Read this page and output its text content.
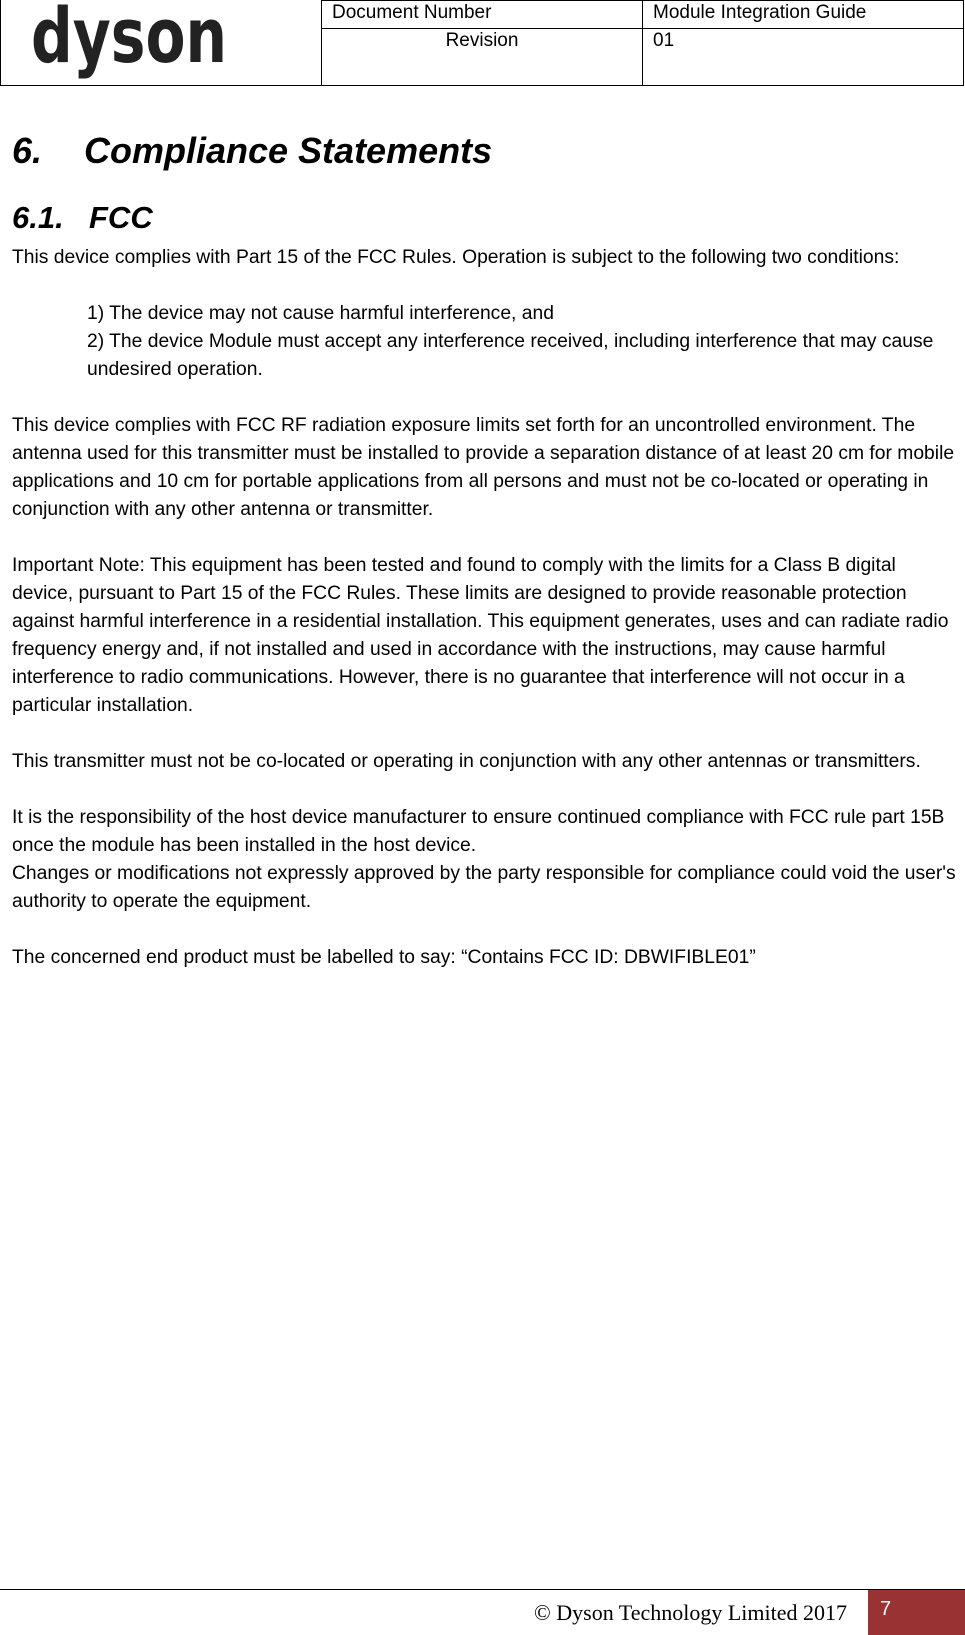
dyson	Document Number	Module Integration Guide
Revision	01
6. Compliance Statements
6.1. FCC

This device complies with Part 15 of the FCC Rules. Operation is subject to the following two conditions:

1) The device may not cause harmful interference, and
2) The device Module must accept any interference received, including interference that may cause undesired operation.

This device complies with FCC RF radiation exposure limits set forth for an uncontrolled environment. The antenna used for this transmitter must be installed to provide a separation distance of at least 20 cm for mobile applications and 10 cm for portable applications from all persons and must not be co-located or operating in conjunction with any other antenna or transmitter.

Important Note: This equipment has been tested and found to comply with the limits for a Class B digital device, pursuant to Part 15 of the FCC Rules. These limits are designed to provide reasonable protection against harmful interference in a residential installation. This equipment generates, uses and can radiate radio frequency energy and, if not installed and used in accordance with the instructions, may cause harmful interference to radio communications. However, there is no guarantee that interference will not occur in a particular installation.

This transmitter must not be co-located or operating in conjunction with any other antennas or transmitters.

It is the responsibility of the host device manufacturer to ensure continued compliance with FCC rule part 15B once the module has been installed in the host device.

Changes or modifications not expressly approved by the party responsible for compliance could void the user's authority to operate the equipment.

The concerned end product must be labelled to say: “Contains FCC ID: DBWIFIBLE01”

© Dyson Technology Limited 2017	7
